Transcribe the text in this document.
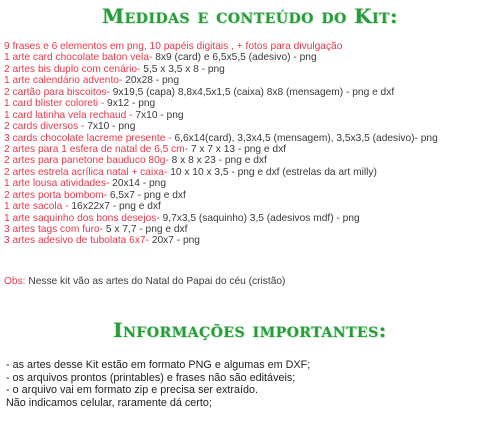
Medidas e conteúdo do Kit:
9 frases e 6 elementos em png, 10 papéis digitais , + fotos para divulgação
1 arte card chocolate baton vela- 8x9 (card) e 6,5x5,5 (adesivo) - png
2 artes bis duplo com cenário- 5,5 x 3,5 x 8 - png
1 arte calendário advento- 20x28 - png
2 cartão para biscoitos- 9x19,5 (capa) 8,8x4,5x1,5 (caixa) 8x8 (mensagem) - png e dxf
1 card blister coloreti - 9x12 - png
1 card latinha vela rechaud - 7x10 - png
2 cards diversos - 7x10 - png
3 cards chocolate lacreme presente - 6,6x14(card), 3,3x4,5 (mensagem), 3,5x3,5 (adesivo)- png
2 artes para 1 esfera de natal de 6,5 cm- 7 x 7 x 13 - png e dxf
2 artes para panetone bauduco 80g- 8 x 8 x 23 - png e dxf
2 artes estrela acrílica natal + caixa- 10 x 10 x 3,5 - png e dxf (estrelas da art milly)
1 arte lousa atividades- 20x14 - png
2 artes porta bombom- 6,5x7 - png e dxf
1 arte sacola - 16x22x7 - png e dxf
1 arte saquinho dos bons desejos- 9,7x3,5 (saquinho) 3,5 (adesivos mdf) - png
3 artes tags com furo- 5 x 7,7 - png e dxf
3 artes adesivo de tubolata 6x7- 20x7 - png
Obs: Nesse kit vão as artes do Natal do Papai do céu (cristão)
Informações importantes:
- as artes desse Kit estão em formato PNG e algumas em DXF;
- os arquivos prontos (printables) e frases não são editáveis;
- o arquivo vai em formato zip e precisa ser extraído.
Não indicamos celular, raramente dá certo;
